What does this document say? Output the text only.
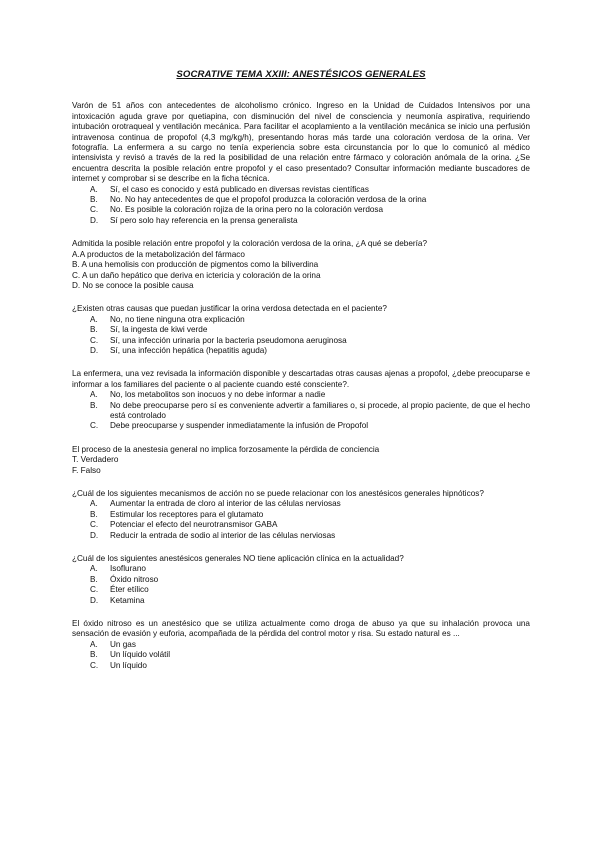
SOCRATIVE TEMA XXIII: ANESTÉSICOS GENERALES

Varón de 51 años con antecedentes de alcoholismo crónico. Ingreso en la Unidad de Cuidados Intensivos por una intoxicación aguda grave por quetiapina, con disminución del nivel de consciencia y neumonía aspirativa, requiriendo intubación orotraqueal y ventilación mecánica. Para facilitar el acoplamiento a la ventilación mecánica se inicio una perfusión intravenosa continua de propofol (4,3 mg/kg/h), presentando horas más tarde una coloración verdosa de la orina. Ver fotografía. La enfermera a su cargo no tenía experiencia sobre esta circunstancia por lo que lo comunicó al médico intensivista y revisó a través de la red la posibilidad de una relación entre fármaco y coloración anómala de la orina. ¿Se encuentra descrita la posible relación entre propofol y el caso presentado? Consultar información mediante buscadores de internet y comprobar si se describe en la ficha técnica.

A.	Sí, el caso es conocido y está publicado en diversas revistas científicas
B.	No. No hay antecedentes de que el propofol produzca la coloración verdosa de la orina
C.	No. Es posible la coloración rojiza de la orina pero no la coloración verdosa
D.	Sí pero solo hay referencia en la prensa generalista

Admitida la posible relación entre propofol y la coloración verdosa de la orina, ¿A qué se debería?

A.A productos de la metabolización del fármaco
B. A una hemolisis con producción de pigmentos como la biliverdina
C. A un daño hepático que deriva en ictericia y coloración de la orina
D. No se conoce la posible causa

¿Existen otras causas que puedan justificar la orina verdosa detectada en el paciente?

A.	No, no tiene ninguna otra explicación
B.	Sí, la ingesta de kiwi verde
C.	Sí, una infección urinaria por la bacteria pseudomona aeruginosa
D.	Sí, una infección hepática (hepatitis aguda)

La enfermera, una vez revisada la información disponible y descartadas otras causas ajenas a propofol, ¿debe preocuparse e informar a los familiares del paciente o al paciente cuando esté consciente?.

A.	No, los metabolitos son inocuos y no debe informar a nadie
B.	No debe preocuparse pero sí es conveniente advertir a familiares o, si procede, al propio paciente, de que el hecho está controlado
C.	Debe preocuparse y suspender inmediatamente la infusión de Propofol

El proceso de la anestesia general no implica forzosamente la pérdida de conciencia

T. Verdadero
F. Falso

¿Cuál de los siguientes mecanismos de acción no se puede relacionar con los anestésicos generales hipnóticos?

A.	Aumentar la entrada de cloro al interior de las células nerviosas
B.	Estimular los receptores para el glutamato
C.	Potenciar el efecto del neurotransmisor GABA
D.	Reducir la entrada de sodio al interior de las células nerviosas

¿Cuál de los siguientes anestésicos generales NO tiene aplicación clínica en la actualidad?

A.	Isoflurano
B.	Óxido nitroso
C.	Éter etílico
D.	Ketamina

El óxido nitroso es un anestésico que se utiliza actualmente como droga de abuso ya que su inhalación provoca una sensación de evasión y euforia, acompañada de la pérdida del control motor y risa. Su estado natural es ...

A.	Un gas
B.	Un líquido volátil
C.	Un líquido
